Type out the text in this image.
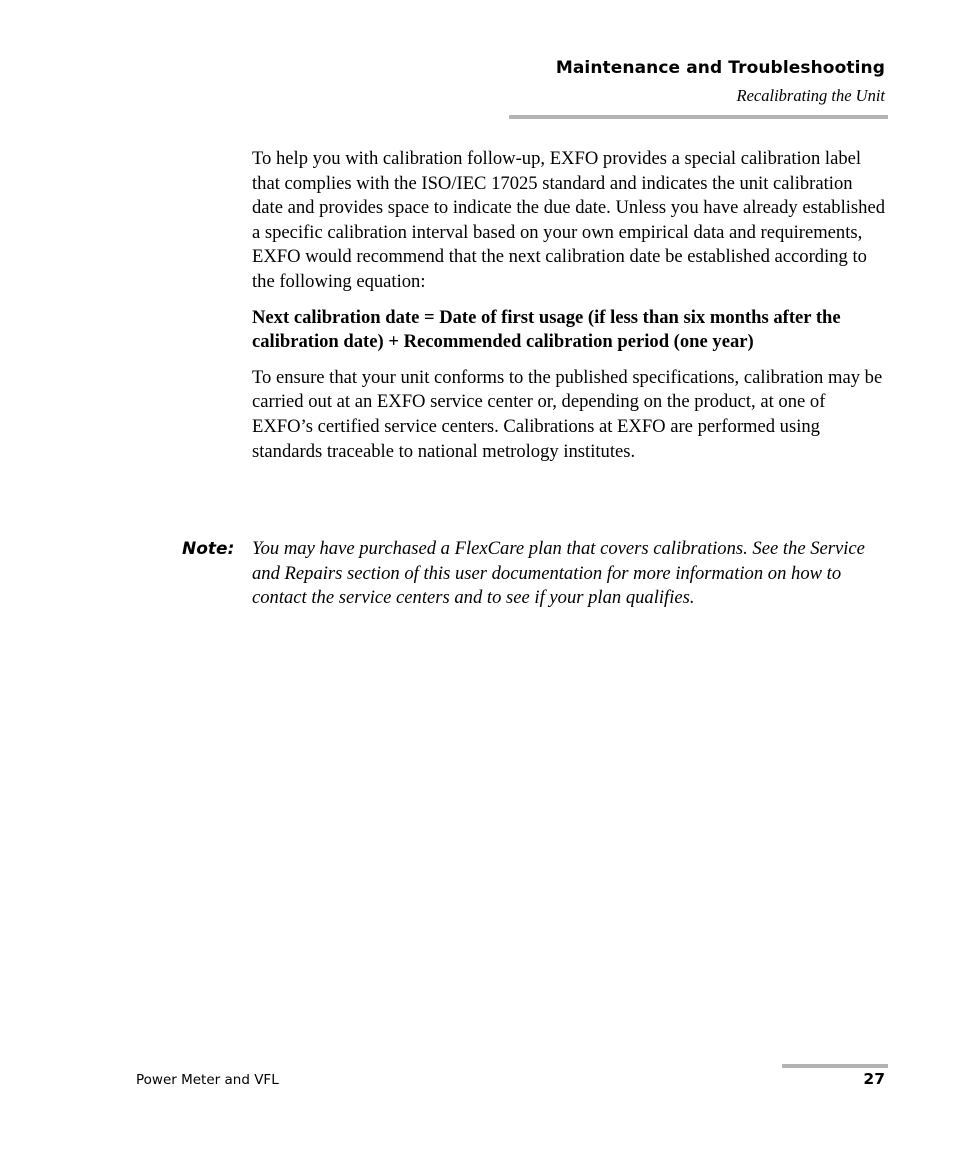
Maintenance and Troubleshooting
Recalibrating the Unit

To help you with calibration follow-up, EXFO provides a special calibration label that complies with the ISO/IEC 17025 standard and indicates the unit calibration date and provides space to indicate the due date. Unless you have already established a specific calibration interval based on your own empirical data and requirements, EXFO would recommend that the next calibration date be established according to the following equation:

Next calibration date = Date of first usage (if less than six months after the calibration date) + Recommended calibration period (one year)

To ensure that your unit conforms to the published specifications, calibration may be carried out at an EXFO service center or, depending on the product, at one of EXFO’s certified service centers. Calibrations at EXFO are performed using standards traceable to national metrology institutes.

Note: You may have purchased a FlexCare plan that covers calibrations. See the Service and Repairs section of this user documentation for more information on how to contact the service centers and to see if your plan qualifies.
Power Meter and VFL	27
